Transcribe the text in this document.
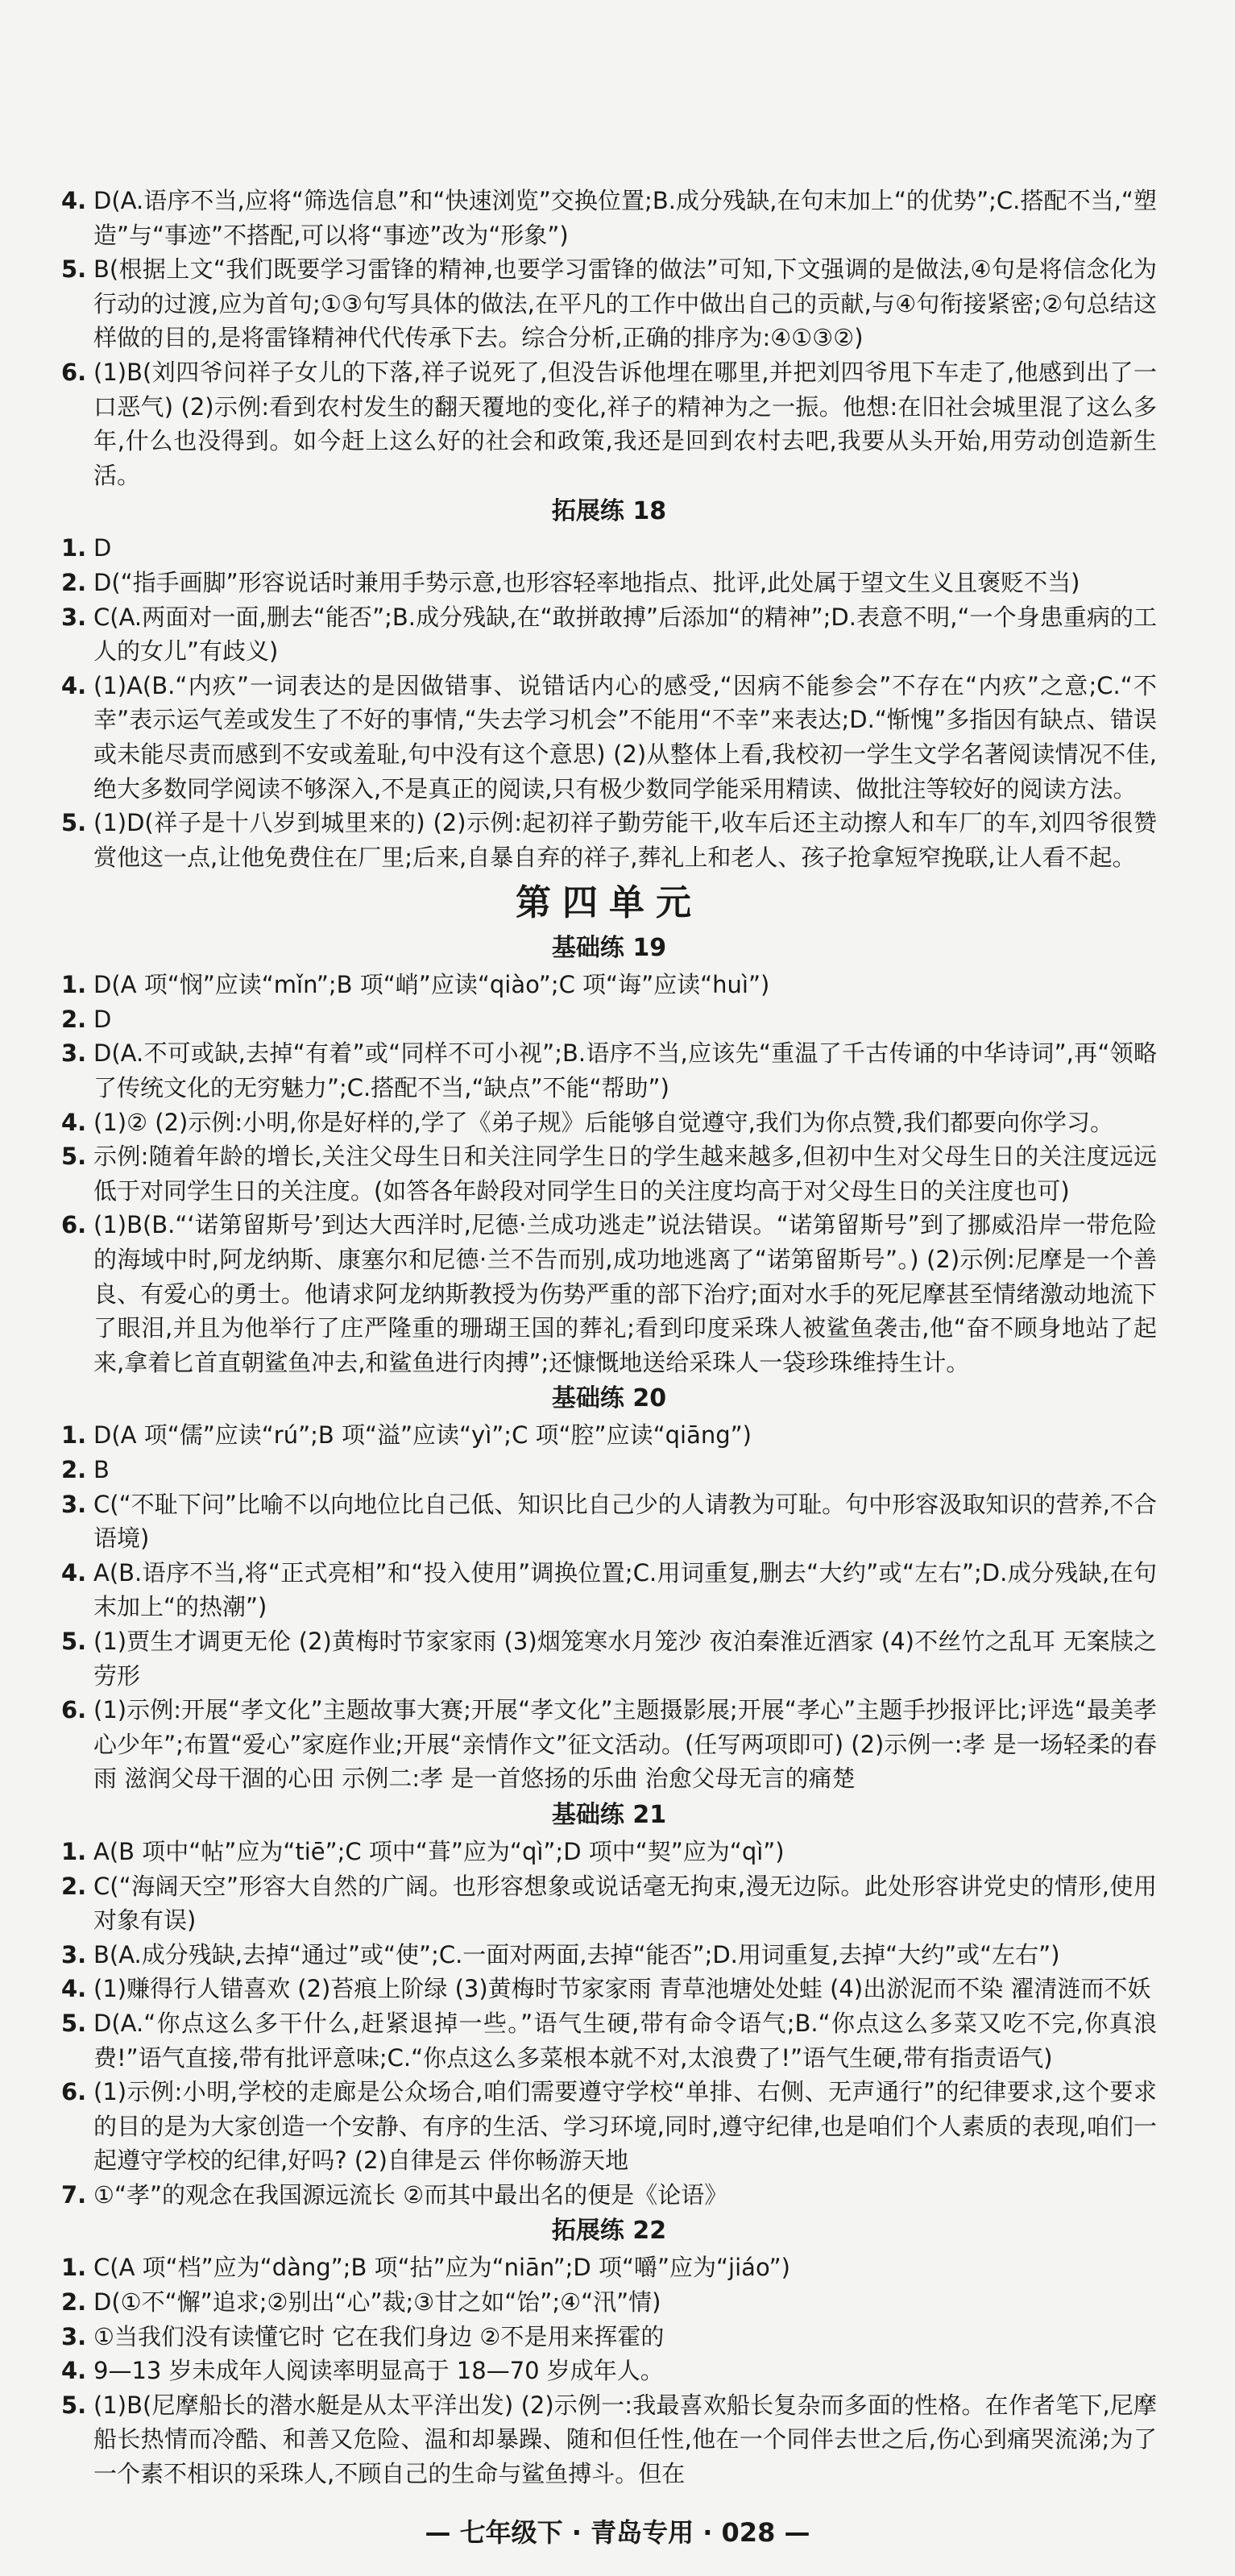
4. D(A.语序不当,应将“筛选信息”和“快速浏览”交换位置;B.成分残缺,在句末加上“的优势”;C.搭配不当,“塑造”与“事迹”不搭配,可以将“事迹”改为“形象”)
5. B(根据上文“我们既要学习雷锋的精神,也要学习雷锋的做法”可知,下文强调的是做法,④句是将信念化为行动的过渡,应为首句;①③句写具体的做法,在平凡的工作中做出自己的贡献,与④句衔接紧密;②句总结这样做的目的,是将雷锋精神代代传承下去。综合分析,正确的排序为:④①③②)
6. (1)B(刘四爷问祥子女儿的下落,祥子说死了,但没告诉他埋在哪里,并把刘四爷甩下车走了,他感到出了一口恶气) (2)示例:看到农村发生的翻天覆地的变化,祥子的精神为之一振。他想:在旧社会城里混了这么多年,什么也没得到。如今赶上这么好的社会和政策,我还是回到农村去吧,我要从头开始,用劳动创造新生活。
拓展练 18
1. D
2. D(“指手画脚”形容说话时兼用手势示意,也形容轻率地指点、批评,此处属于望文生义且褒贬不当)
3. C(A.两面对一面,删去“能否”;B.成分残缺,在“敢拼敢搏”后添加“的精神”;D.表意不明,“一个身患重病的工人的女儿”有歧义)
4. (1)A(B.“内疚”一词表达的是因做错事、说错话内心的感受,“因病不能参会”不存在“内疚”之意;C.“不幸”表示运气差或发生了不好的事情,“失去学习机会”不能用“不幸”来表达;D.“惭愧”多指因有缺点、错误或未能尽责而感到不安或羞耻,句中没有这个意思) (2)从整体上看,我校初一学生文学名著阅读情况不佳,绝大多数同学阅读不够深入,不是真正的阅读,只有极少数同学能采用精读、做批注等较好的阅读方法。
5. (1)D(祥子是十八岁到城里来的) (2)示例:起初祥子勤劳能干,收车后还主动擦人和车厂的车,刘四爷很赞赏他这一点,让他免费住在厂里;后来,自暴自弃的祥子,葬礼上和老人、孩子抢拿短窄挽联,让人看不起。
第四单元
基础练 19
1. D(A 项“悯”应读“mǐn”;B 项“峭”应读“qiào”;C 项“诲”应读“huì”)
2. D
3. D(A.不可或缺,去掉“有着”或“同样不可小视”;B.语序不当,应该先“重温了千古传诵的中华诗词”,再“领略了传统文化的无穷魅力”;C.搭配不当,“缺点”不能“帮助”)
4. (1)② (2)示例:小明,你是好样的,学了《弟子规》后能够自觉遵守,我们为你点赞,我们都要向你学习。
5. 示例:随着年龄的增长,关注父母生日和关注同学生日的学生越来越多,但初中生对父母生日的关注度远远低于对同学生日的关注度。(如答各年龄段对同学生日的关注度均高于对父母生日的关注度也可)
6. (1)B(B.“‘诺第留斯号’到达大西洋时,尼德·兰成功逃走”说法错误。“诺第留斯号”到了挪威沿岸一带危险的海域中时,阿龙纳斯、康塞尔和尼德·兰不告而别,成功地逃离了“诺第留斯号”。) (2)示例:尼摩是一个善良、有爱心的勇士。他请求阿龙纳斯教授为伤势严重的部下治疗;面对水手的死尼摩甚至情绪激动地流下了眼泪,并且为他举行了庄严隆重的珊瑚王国的葬礼;看到印度采珠人被鲨鱼袭击,他“奋不顾身地站了起来,拿着匕首直朝鲨鱼冲去,和鲨鱼进行肉搏”;还慷慨地送给采珠人一袋珍珠维持生计。
基础练 20
1. D(A 项“儒”应读“rú”;B 项“溢”应读“yì”;C 项“腔”应读“qiāng”)
2. B
3. C(“不耻下问”比喻不以向地位比自己低、知识比自己少的人请教为可耻。句中形容汲取知识的营养,不合语境)
4. A(B.语序不当,将“正式亮相”和“投入使用”调换位置;C.用词重复,删去“大约”或“左右”;D.成分残缺,在句末加上“的热潮”)
5. (1)贾生才调更无伦 (2)黄梅时节家家雨 (3)烟笼寒水月笼沙 夜泊秦淮近酒家 (4)不丝竹之乱耳 无案牍之劳形
6. (1)示例:开展“孝文化”主题故事大赛;开展“孝文化”主题摄影展;开展“孝心”主题手抄报评比;评选“最美孝心少年”;布置“爱心”家庭作业;开展“亲情作文”征文活动。(任写两项即可) (2)示例一:孝 是一场轻柔的春雨 滋润父母干涸的心田 示例二:孝 是一首悠扬的乐曲 治愈父母无言的痛楚
基础练 21
1. A(B 项中“帖”应为“tiē”;C 项中“葺”应为“qì”;D 项中“契”应为“qì”)
2. C(“海阔天空”形容大自然的广阔。也形容想象或说话毫无拘束,漫无边际。此处形容讲党史的情形,使用对象有误)
3. B(A.成分残缺,去掉“通过”或“使”;C.一面对两面,去掉“能否”;D.用词重复,去掉“大约”或“左右”)
4. (1)赚得行人错喜欢 (2)苔痕上阶绿 (3)黄梅时节家家雨 青草池塘处处蛙 (4)出淤泥而不染 濯清涟而不妖
5. D(A.“你点这么多干什么,赶紧退掉一些。”语气生硬,带有命令语气;B.“你点这么多菜又吃不完,你真浪费!”语气直接,带有批评意味;C.“你点这么多菜根本就不对,太浪费了!”语气生硬,带有指责语气)
6. (1)示例:小明,学校的走廊是公众场合,咱们需要遵守学校“单排、右侧、无声通行”的纪律要求,这个要求的目的是为大家创造一个安静、有序的生活、学习环境,同时,遵守纪律,也是咱们个人素质的表现,咱们一起遵守学校的纪律,好吗? (2)自律是云 伴你畅游天地
7. ①“孝”的观念在我国源远流长 ②而其中最出名的便是《论语》
拓展练 22
1. C(A 项“档”应为“dàng”;B 项“拈”应为“niān”;D 项“嚼”应为“jiáo”)
2. D(①不“懈”追求;②别出“心”裁;③甘之如“饴”;④“汛”情)
3. ①当我们没有读懂它时 它在我们身边 ②不是用来挥霍的
4. 9—13 岁未成年人阅读率明显高于 18—70 岁成年人。
5. (1)B(尼摩船长的潜水艇是从太平洋出发) (2)示例一:我最喜欢船长复杂而多面的性格。在作者笔下,尼摩船长热情而冷酷、和善又危险、温和却暴躁、随和但任性,他在一个同伴去世之后,伤心到痛哭流涕;为了一个素不相识的采珠人,不顾自己的生命与鲨鱼搏斗。但在
— 七年级下 · 青岛专用 · 028 —
